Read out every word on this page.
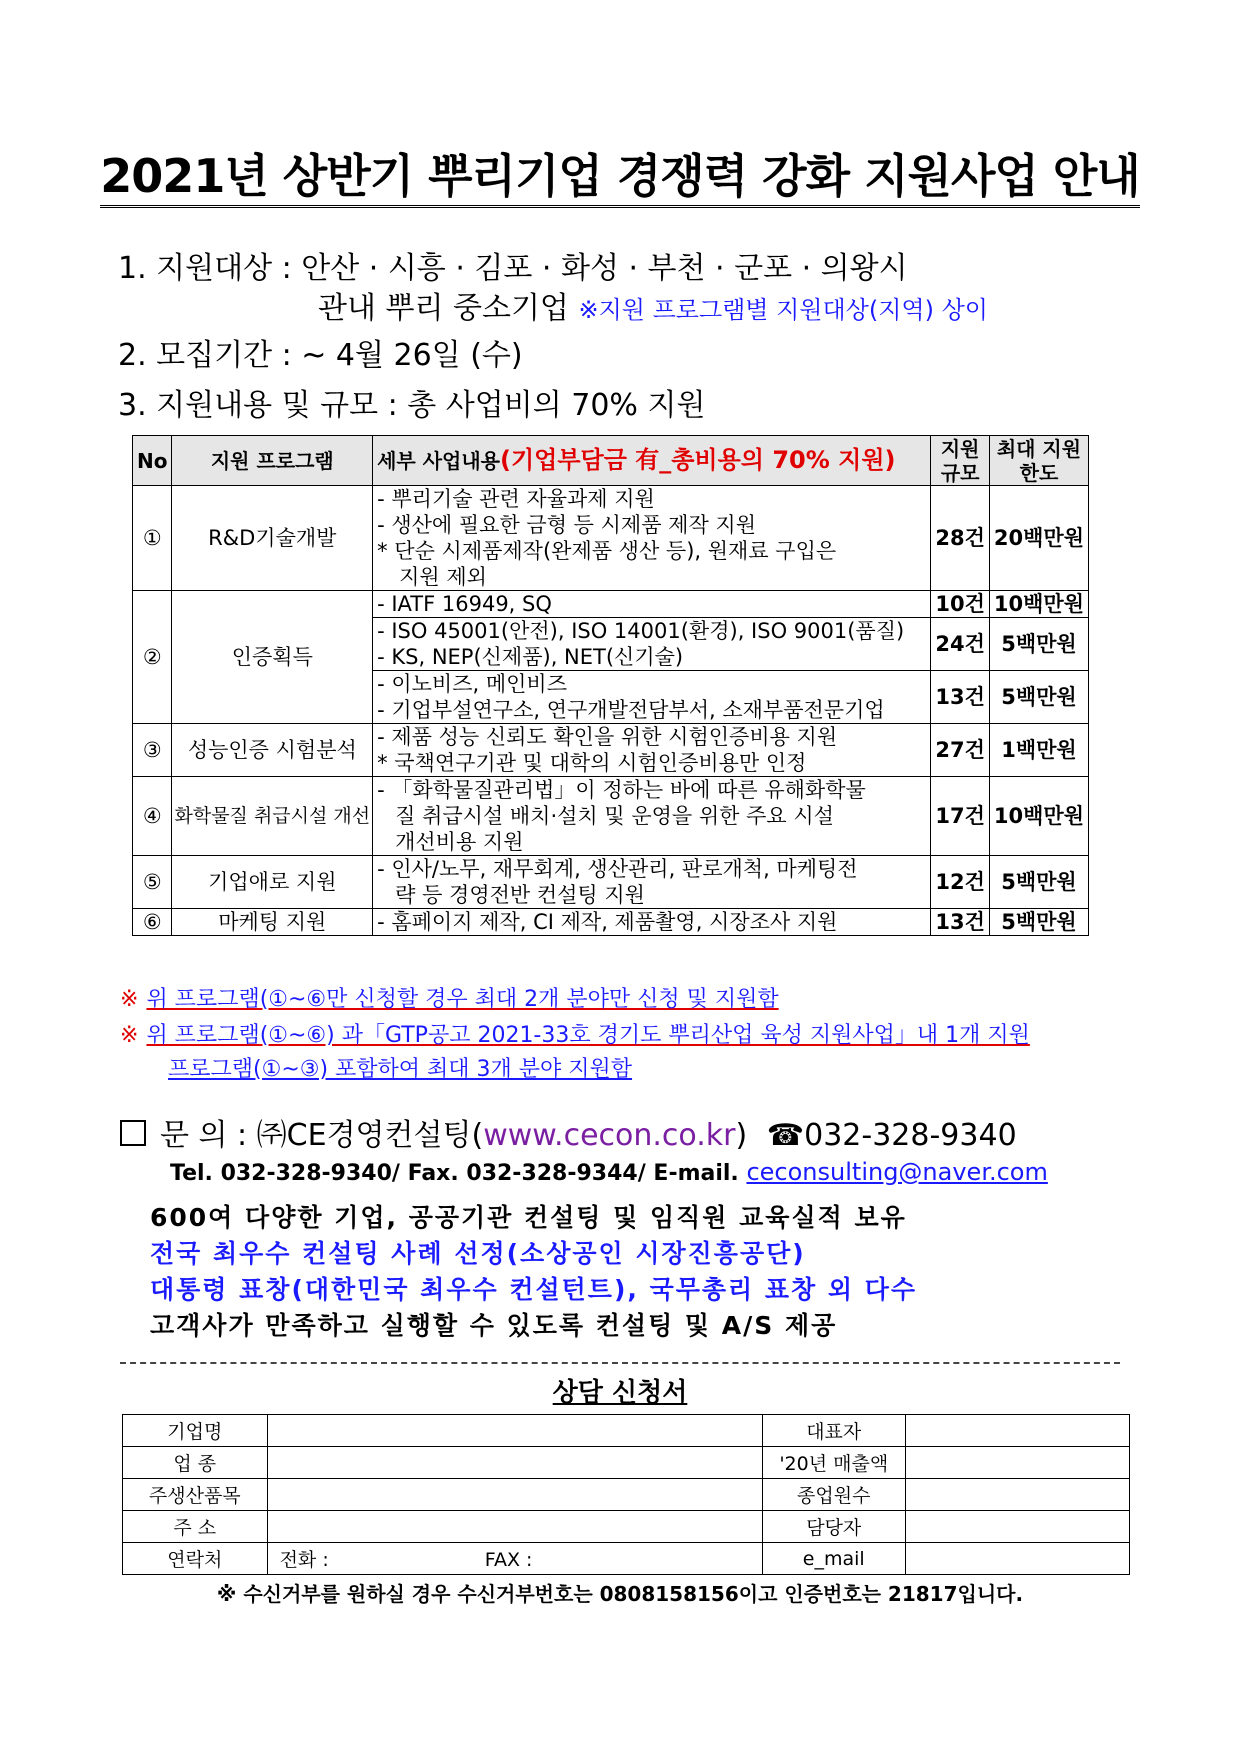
2021년 상반기 뿌리기업 경쟁력 강화 지원사업 안내
1. 지원대상 : 안산 · 시흥 · 김포 · 화성 · 부천 · 군포 · 의왕시
관내 뿌리 중소기업 ※지원 프로그램별 지원대상(지역) 상이
2. 모집기간 : ~ 4월 26일 (수)
3. 지원내용 및 규모 : 총 사업비의 70% 지원
No	지원 프로그램	세부 사업내용(기업부담금 有_총비용의 70% 지원)	지원 규모	최대 지원한도
①	R&D기술개발	- 뿌리기술 관련 자율과제 지원
- 생산에 필요한 금형 등 시제품 제작 지원
* 단순 시제품제작(완제품 생산 등), 원재료 구입은
지원 제외	28건	20백만원
②	인증획득	- IATF 16949, SQ	10건	10백만원

		- ISO 45001(안전), ISO 14001(환경), ISO 9001(품질)
- KS, NEP(신제품), NET(신기술)	24건	5백만원

		- 이노비즈, 메인비즈
- 기업부설연구소, 연구개발전담부서, 소재부품전문기업	13건	5백만원
③	성능인증 시험분석	- 제품 성능 신뢰도 확인을 위한 시험인증비용 지원
* 국책연구기관 및 대학의 시험인증비용만 인정	27건	1백만원
④	화학물질 취급시설 개선	- 「화학물질관리법」이 정하는 바에 따른 유해화학물
질 취급시설 배치·설치 및 운영을 위한 주요 시설
개선비용 지원	17건	10백만원
⑤	기업애로 지원	- 인사/노무, 재무회계, 생산관리, 판로개척, 마케팅전
략 등 경영전반 컨설팅 지원	12건	5백만원
⑥	마케팅 지원	- 홈페이지 제작, CI 제작, 제품촬영, 시장조사 지원	13건	5백만원
※ 위 프로그램(①~⑥만 신청할 경우 최대 2개 분야만 신청 및 지원함
※ 위 프로그램(①~⑥) 과「GTP공고 2021-33호 경기도 뿌리산업 육성 지원사업」내 1개 지원
프로그램(①~③) 포함하여 최대 3개 분야 지원함
문 의 : ㈜CE경영컨설팅(www.cecon.co.kr) ☎032-328-9340
Tel. 032-328-9340/ Fax. 032-328-9344/ E-mail. ceconsulting@naver.com
600여 다양한 기업, 공공기관 컨설팅 및 임직원 교육실적 보유
전국 최우수 컨설팅 사례 선정(소상공인 시장진흥공단)
대통령 표창(대한민국 최우수 컨설턴트), 국무총리 표창 외 다수
고객사가 만족하고 실행할 수 있도록 컨설팅 및 A/S 제공
상담 신청서
기업명		대표자	
업 종		'20년 매출액	
주생산품목		종업원수	
주 소		담당자	
연락처	전화 : FAX :	e_mail	
※ 수신거부를 원하실 경우 수신거부번호는 0808158156이고 인증번호는 21817입니다.
